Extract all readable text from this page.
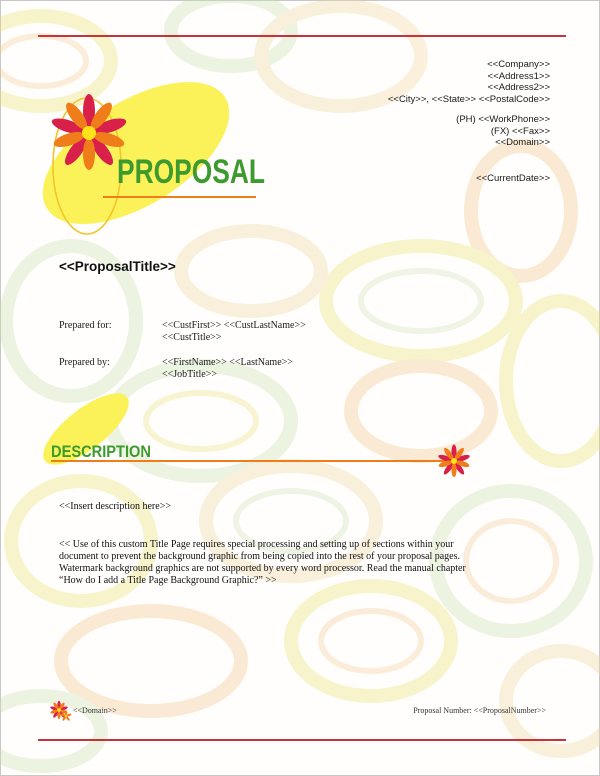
PROPOSAL
<<Company>>
<<Address1>>
<<Address2>>
<<City>>, <<State>> <<PostalCode>>
(PH) <<WorkPhone>>
(FX) <<Fax>>
<<Domain>>
<<CurrentDate>>
<<ProposalTitle>>
Prepared for:	<<CustFirst>> <<CustLastName>>
<<CustTitle>>
Prepared by:	<<FirstName>> <<LastName>>
<<JobTitle>>
DESCRIPTION
<<Insert description here>>
<< Use of this custom Title Page requires special processing and setting up of sections within your
document to prevent the background graphic from being copied into the rest of your proposal pages.
Watermark background graphics are not supported by every word processor. Read the manual chapter
“How do I add a Title Page Background Graphic?” >>
<<Domain>>	Proposal Number: <<ProposalNumber>>
